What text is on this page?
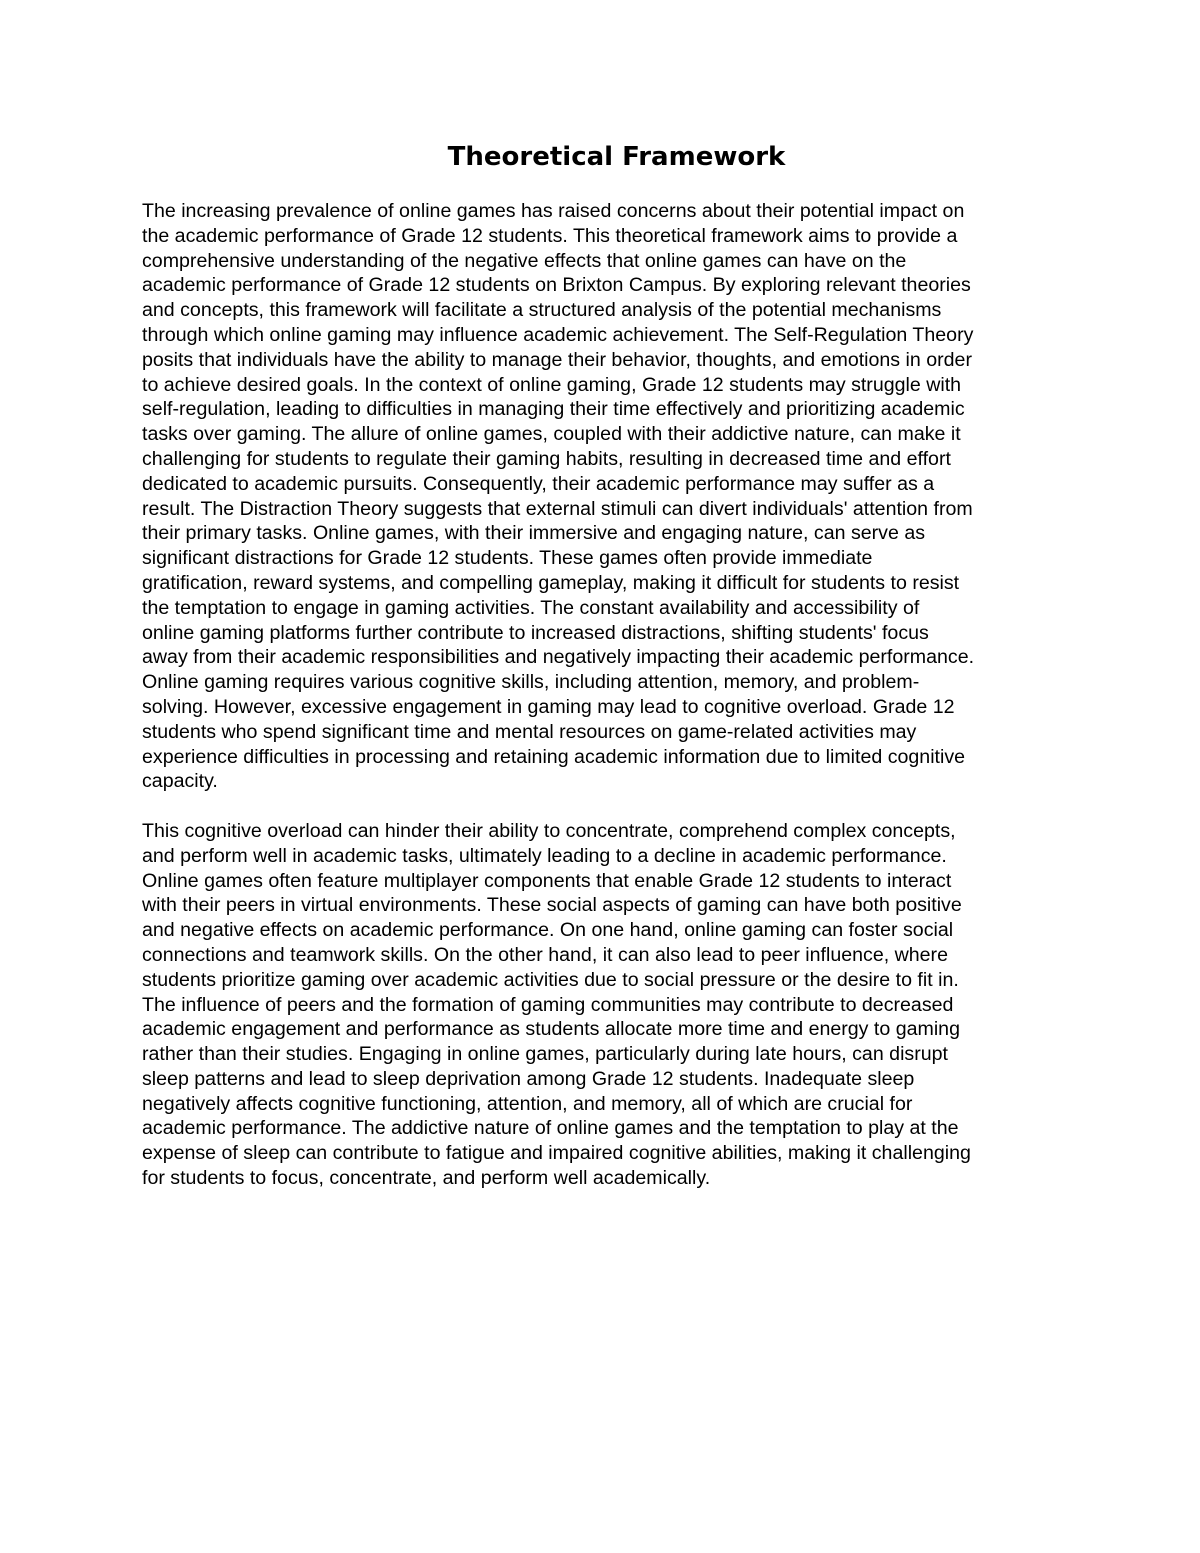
Theoretical Framework
The increasing prevalence of online games has raised concerns about their potential impact on
the academic performance of Grade 12 students. This theoretical framework aims to provide a
comprehensive understanding of the negative effects that online games can have on the
academic performance of Grade 12 students on Brixton Campus. By exploring relevant theories
and concepts, this framework will facilitate a structured analysis of the potential mechanisms
through which online gaming may influence academic achievement. The Self-Regulation Theory
posits that individuals have the ability to manage their behavior, thoughts, and emotions in order
to achieve desired goals. In the context of online gaming, Grade 12 students may struggle with
self-regulation, leading to difficulties in managing their time effectively and prioritizing academic
tasks over gaming. The allure of online games, coupled with their addictive nature, can make it
challenging for students to regulate their gaming habits, resulting in decreased time and effort
dedicated to academic pursuits. Consequently, their academic performance may suffer as a
result. The Distraction Theory suggests that external stimuli can divert individuals' attention from
their primary tasks. Online games, with their immersive and engaging nature, can serve as
significant distractions for Grade 12 students. These games often provide immediate
gratification, reward systems, and compelling gameplay, making it difficult for students to resist
the temptation to engage in gaming activities. The constant availability and accessibility of
online gaming platforms further contribute to increased distractions, shifting students' focus
away from their academic responsibilities and negatively impacting their academic performance.
Online gaming requires various cognitive skills, including attention, memory, and problem-
solving. However, excessive engagement in gaming may lead to cognitive overload. Grade 12
students who spend significant time and mental resources on game-related activities may
experience difficulties in processing and retaining academic information due to limited cognitive
capacity.
This cognitive overload can hinder their ability to concentrate, comprehend complex concepts,
and perform well in academic tasks, ultimately leading to a decline in academic performance.
Online games often feature multiplayer components that enable Grade 12 students to interact
with their peers in virtual environments. These social aspects of gaming can have both positive
and negative effects on academic performance. On one hand, online gaming can foster social
connections and teamwork skills. On the other hand, it can also lead to peer influence, where
students prioritize gaming over academic activities due to social pressure or the desire to fit in.
The influence of peers and the formation of gaming communities may contribute to decreased
academic engagement and performance as students allocate more time and energy to gaming
rather than their studies. Engaging in online games, particularly during late hours, can disrupt
sleep patterns and lead to sleep deprivation among Grade 12 students. Inadequate sleep
negatively affects cognitive functioning, attention, and memory, all of which are crucial for
academic performance. The addictive nature of online games and the temptation to play at the
expense of sleep can contribute to fatigue and impaired cognitive abilities, making it challenging
for students to focus, concentrate, and perform well academically.
